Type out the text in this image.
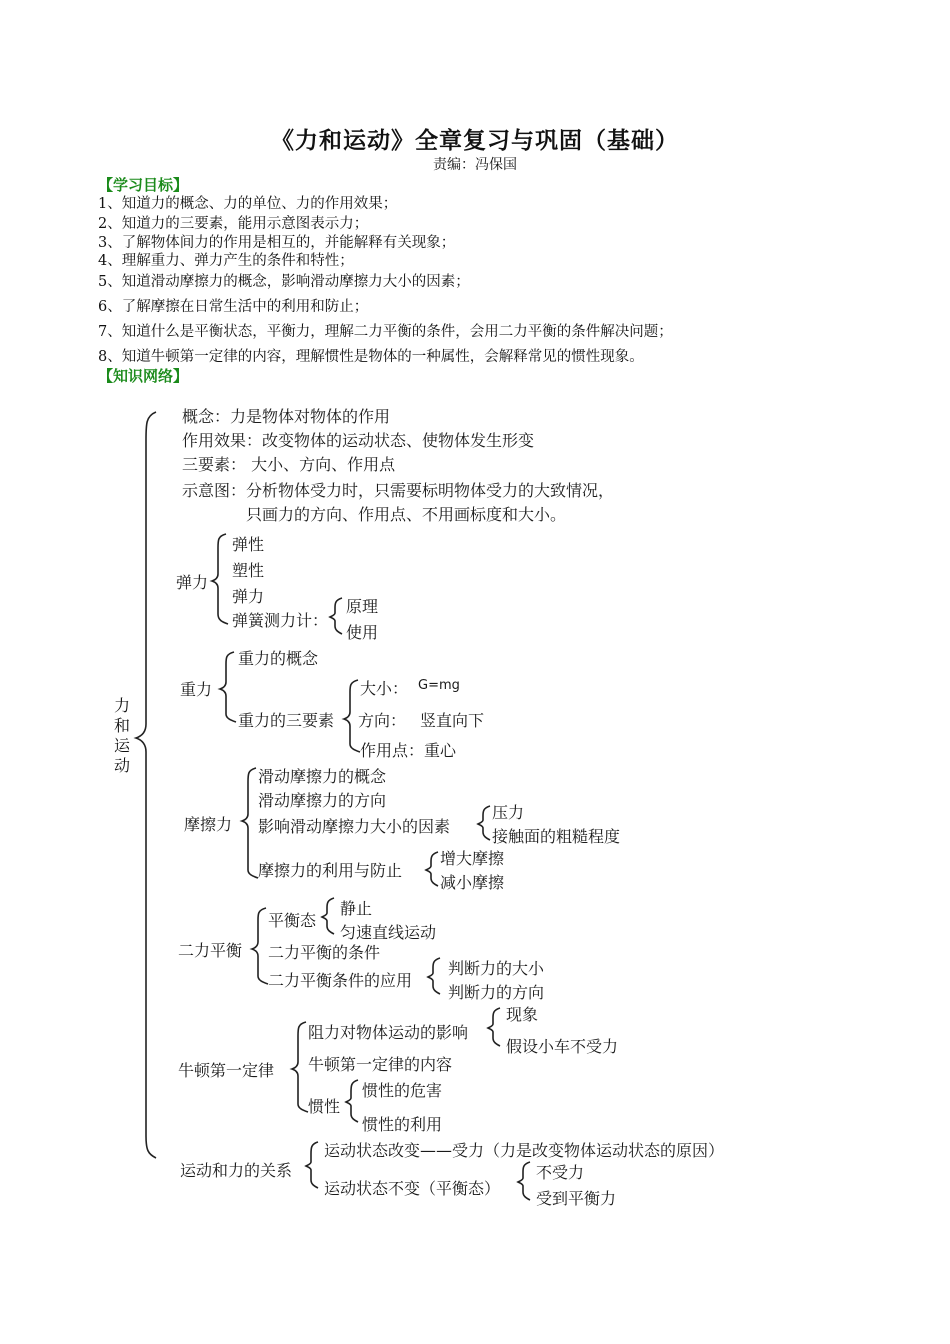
《力和运动》全章复习与巩固（基础）
责编：冯保国
【学习目标】
1、知道力的概念、力的单位、力的作用效果；
2、知道力的三要素，能用示意图表示力；
3、了解物体间力的作用是相互的，并能解释有关现象；
4、理解重力、弹力产生的条件和特性；
5、知道滑动摩擦力的概念，影响滑动摩擦力大小的因素；
6、了解摩擦在日常生活中的利用和防止；
7、知道什么是平衡状态，平衡力，理解二力平衡的条件，会用二力平衡的条件解决问题；
8、知道牛顿第一定律的内容，理解惯性是物体的一种属性，会解释常见的惯性现象。
【知识网络】
力和运动
概念：力是物体对物体的作用
作用效果：改变物体的运动状态、使物体发生形变
三要素： 大小、方向、作用点
示意图：分析物体受力时，只需要标明物体受力的大致情况，
只画力的方向、作用点、不用画标度和大小。
弹力
弹性
塑性
弹力
弹簧测力计：
原理
使用
重力
重力的概念
重力的三要素
大小： G=mg
方向： 竖直向下
作用点：重心
摩擦力
滑动摩擦力的概念
滑动摩擦力的方向
影响滑动摩擦力大小的因素
压力
接触面的粗糙程度
摩擦力的利用与防止
增大摩擦
减小摩擦
二力平衡
平衡态
静止
匀速直线运动
二力平衡的条件
二力平衡条件的应用
判断力的大小
判断力的方向
牛顿第一定律
阻力对物体运动的影响
现象
假设小车不受力
牛顿第一定律的内容
惯性
惯性的危害
惯性的利用
运动和力的关系
运动状态改变——受力（力是改变物体运动状态的原因）
运动状态不变（平衡态）
不受力
受到平衡力
